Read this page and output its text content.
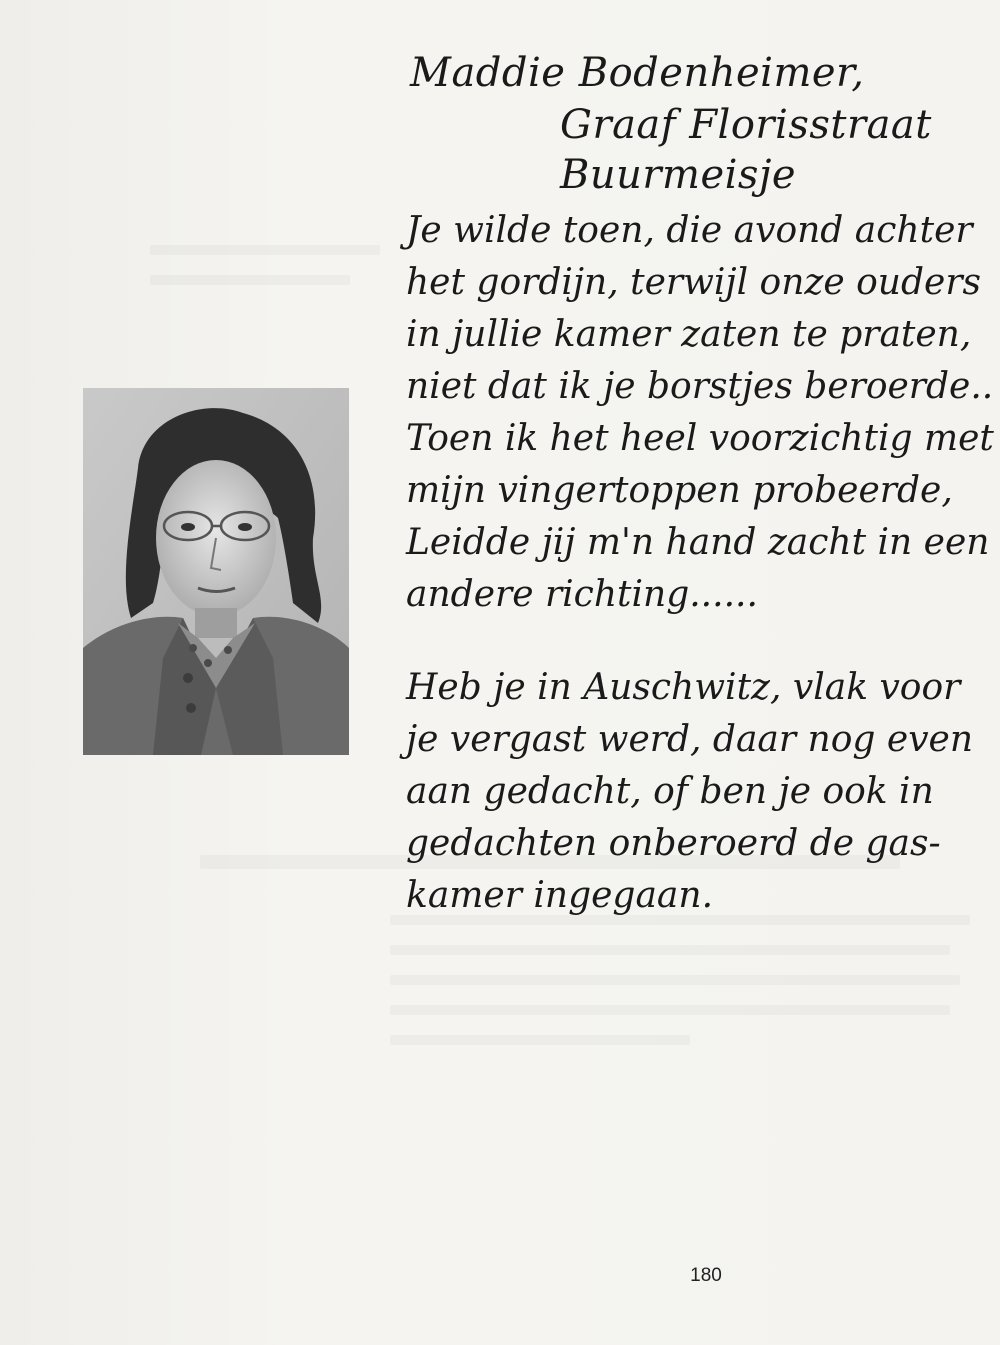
Maddie Bodenheimer,
Graaf Florisstraat
Buurmeisje
Je wilde toen, die avond achter
het gordijn, terwijl onze ouders
in jullie kamer zaten te praten,
niet dat ik je borstjes beroerde..
Toen ik het heel voorzichtig met
mijn vingertoppen probeerde,
Leidde jij m'n hand zacht in een
andere richting......
Heb je in Auschwitz, vlak voor
je vergast werd, daar nog even
aan gedacht, of ben je ook in
gedachten onberoerd de gas-
kamer ingegaan.
180
